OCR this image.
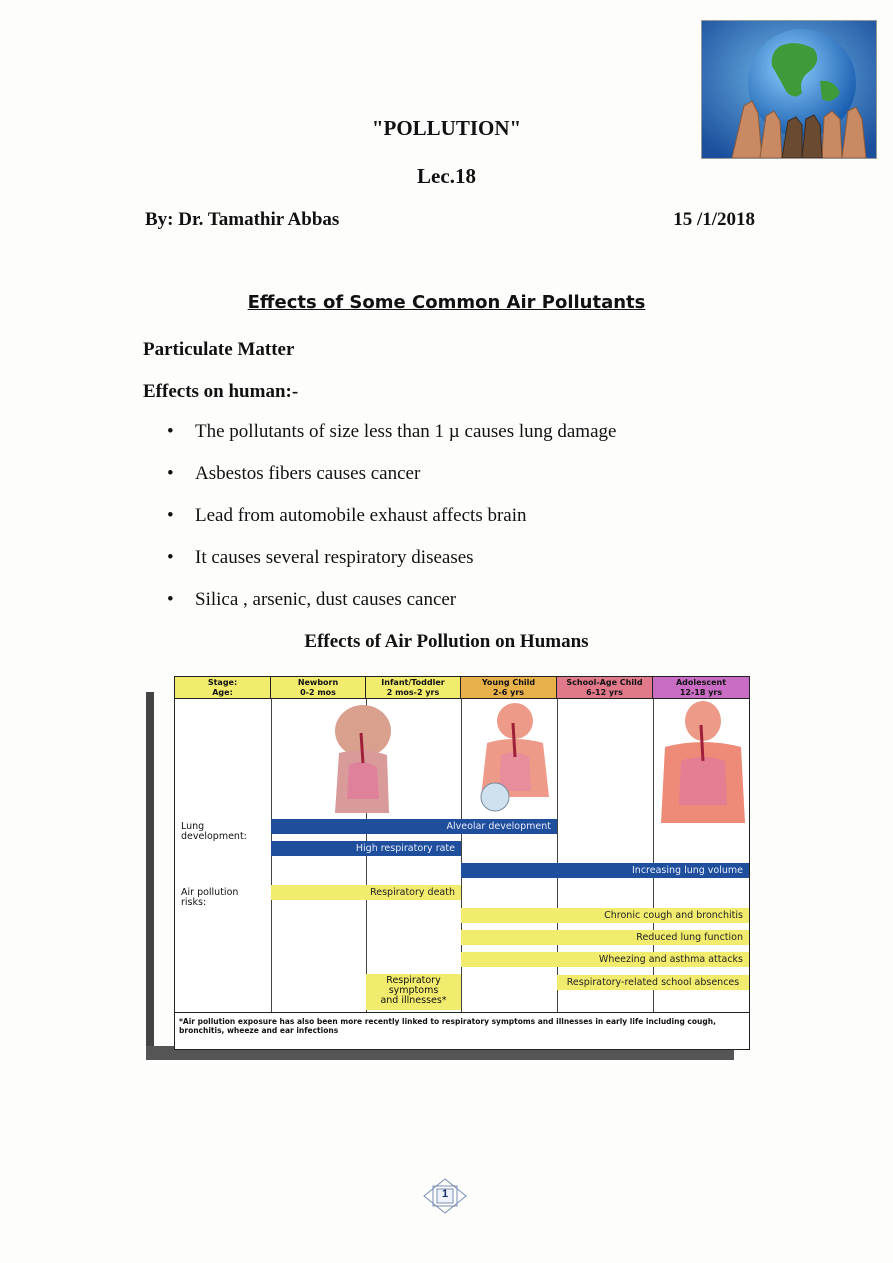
"POLLUTION"
Lec.18
By: Dr. Tamathir Abbas	15 /1/2018
Effects of Some Common Air Pollutants
Particulate Matter
Effects on human:-
• The pollutants of size less than 1 µ causes lung damage
• Asbestos fibers causes cancer
• Lead from automobile exhaust affects brain
• It causes several respiratory diseases
• Silica , arsenic, dust causes cancer
Effects of Air Pollution on Humans
Stage:
Age:
Newborn
0-2 mos
Infant/Toddler
2 mos-2 yrs
Young Child
2-6 yrs
School-Age Child
6-12 yrs
Adolescent
12-18 yrs
Lung
development:
Air pollution
risks:
Alveolar development
High respiratory rate
Increasing lung volume
Respiratory death
Chronic cough and bronchitis
Reduced lung function
Wheezing and asthma attacks
Respiratory
symptoms
and illnesses*
Respiratory-related school absences
*Air pollution exposure has also been more recently linked to respiratory symptoms and illnesses in early life including cough, bronchitis, wheeze and ear infections
1
